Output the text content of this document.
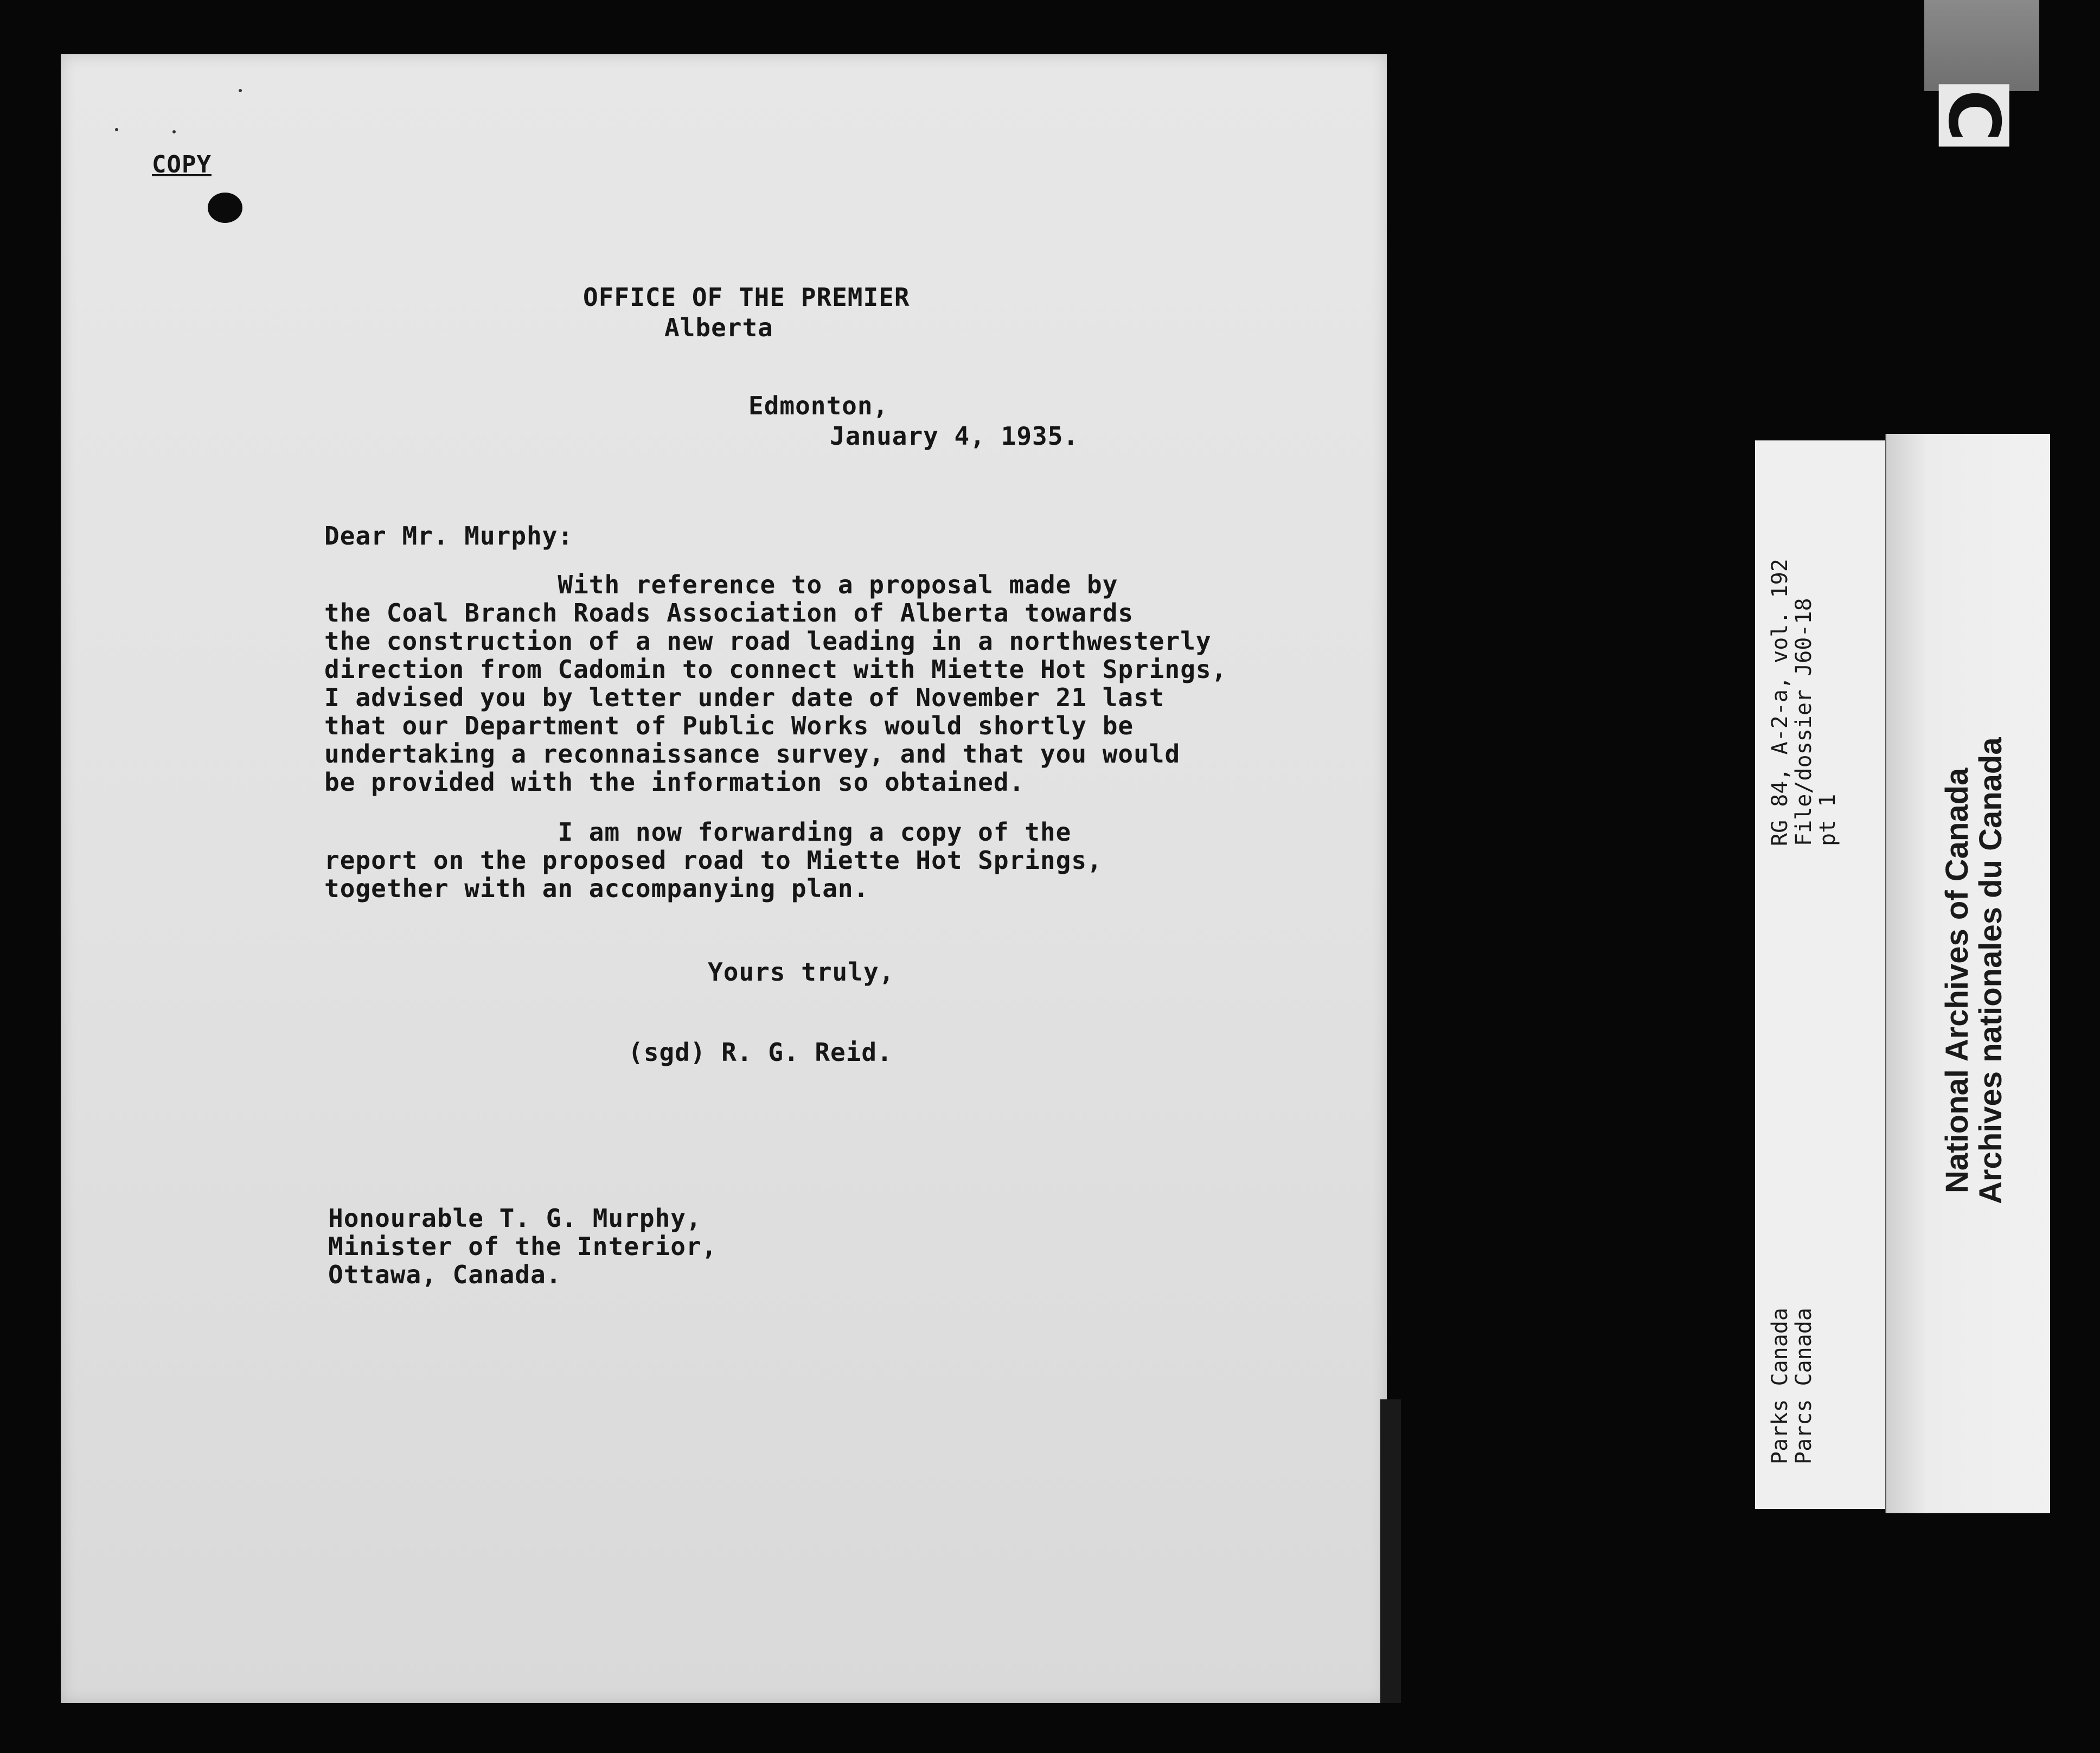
COPY
OFFICE OF THE PREMIER
Alberta
Edmonton,
January 4, 1935.
Dear Mr. Murphy:
With reference to a proposal made by
the Coal Branch Roads Association of Alberta towards
the construction of a new road leading in a northwesterly
direction from Cadomin to connect with Miette Hot Springs,
I advised you by letter under date of November 21 last
that our Department of Public Works would shortly be
undertaking a reconnaissance survey, and that you would
be provided with the information so obtained.
I am now forwarding a copy of the
report on the proposed road to Miette Hot Springs,
together with an accompanying plan.
Yours truly,
(sgd) R. G. Reid.
Honourable T. G. Murphy,
Minister of the Interior,
Ottawa, Canada.
RG 84, A-2-a, vol. 192
File/dossier J60-18
pt 1
Parks Canada
Parcs Canada
National Archives of Canada
Archives nationales du Canada
C
